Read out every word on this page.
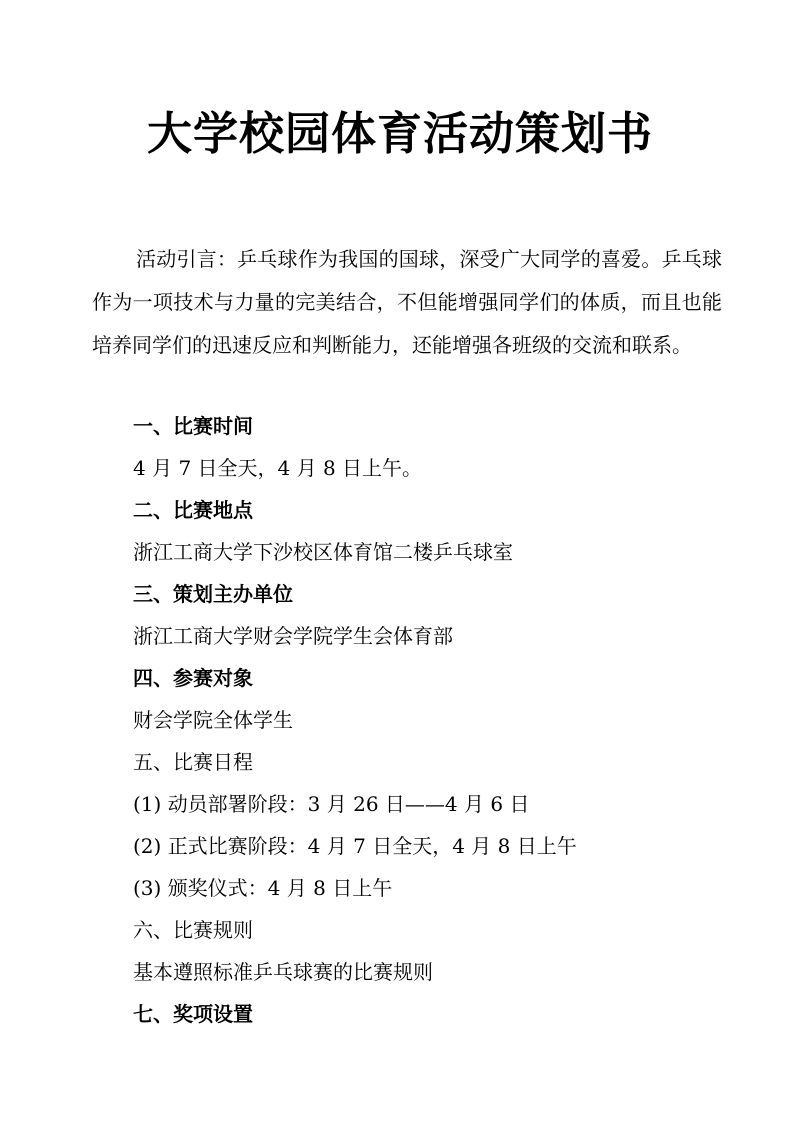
大学校园体育活动策划书

活动引言：乒乓球作为我国的国球，深受广大同学的喜爱。乒乓球作为一项技术与力量的完美结合，不但能增强同学们的体质，而且也能培养同学们的迅速反应和判断能力，还能增强各班级的交流和联系。

一、比赛时间

4 月 7 日全天，4 月 8 日上午。

二、比赛地点

浙江工商大学下沙校区体育馆二楼乒乓球室

三、策划主办单位

浙江工商大学财会学院学生会体育部

四、参赛对象

财会学院全体学生

五、比赛日程

(1) 动员部署阶段：3 月 26 日——4 月 6 日

(2) 正式比赛阶段：4 月 7 日全天，4 月 8 日上午

(3) 颁奖仪式：4 月 8 日上午

六、比赛规则

基本遵照标准乒乓球赛的比赛规则

七、奖项设置
